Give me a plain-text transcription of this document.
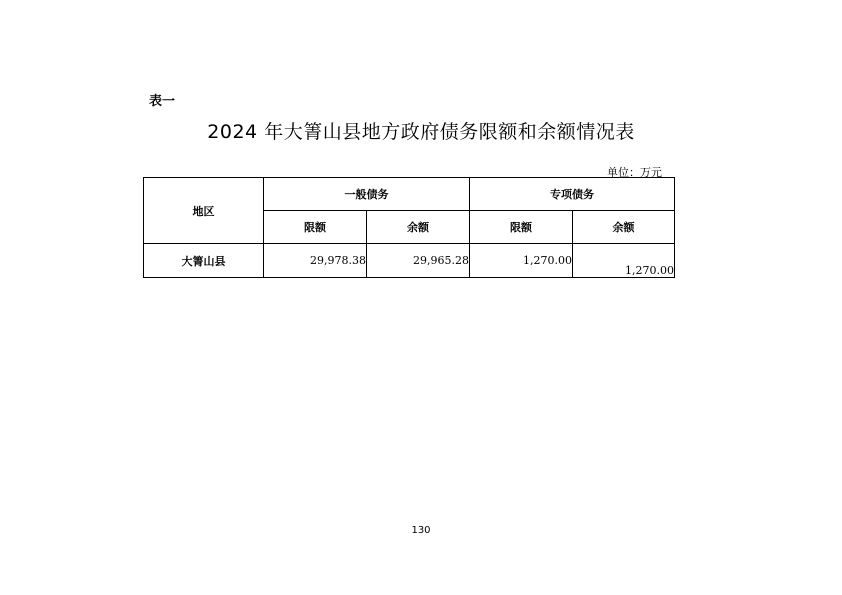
表一
2024 年大箐山县地方政府债务限额和余额情况表
单位：万元
地区	一般债务		专项债务	
	限额	余额	限额	余额
大箐山县	29,978.38	29,965.28	1,270.00	1,270.00
130
